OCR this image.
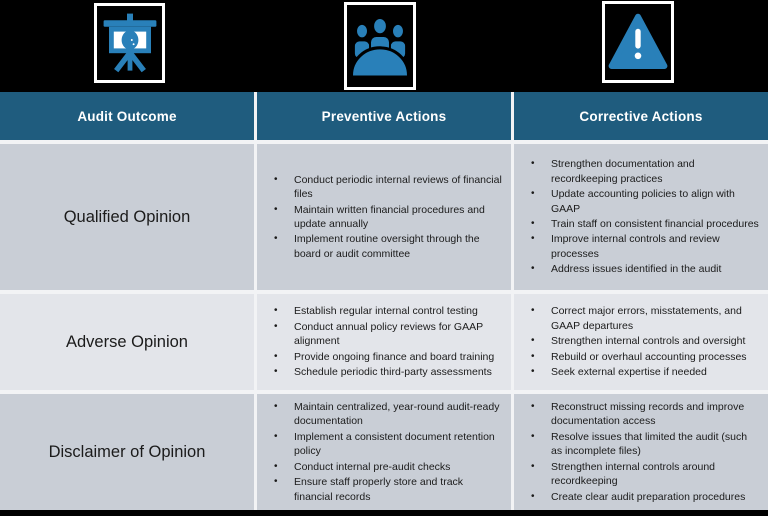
Audit Outcome	Preventive Actions	Corrective Actions
Qualified Opinion
• Conduct periodic internal reviews of financial files
• Maintain written financial procedures and update annually
• Implement routine oversight through the board or audit committee
• Strengthen documentation and recordkeeping practices
• Update accounting policies to align with GAAP
• Train staff on consistent financial procedures
• Improve internal controls and review processes
• Address issues identified in the audit
Adverse Opinion
• Establish regular internal control testing
• Conduct annual policy reviews for GAAP alignment
• Provide ongoing finance and board training
• Schedule periodic third-party assessments
• Correct major errors, misstatements, and GAAP departures
• Strengthen internal controls and oversight
• Rebuild or overhaul accounting processes
• Seek external expertise if needed
Disclaimer of Opinion
• Maintain centralized, year-round audit-ready documentation
• Implement a consistent document retention policy
• Conduct internal pre-audit checks
• Ensure staff properly store and track financial records
• Reconstruct missing records and improve documentation access
• Resolve issues that limited the audit (such as incomplete files)
• Strengthen internal controls around recordkeeping
• Create clear audit preparation procedures
